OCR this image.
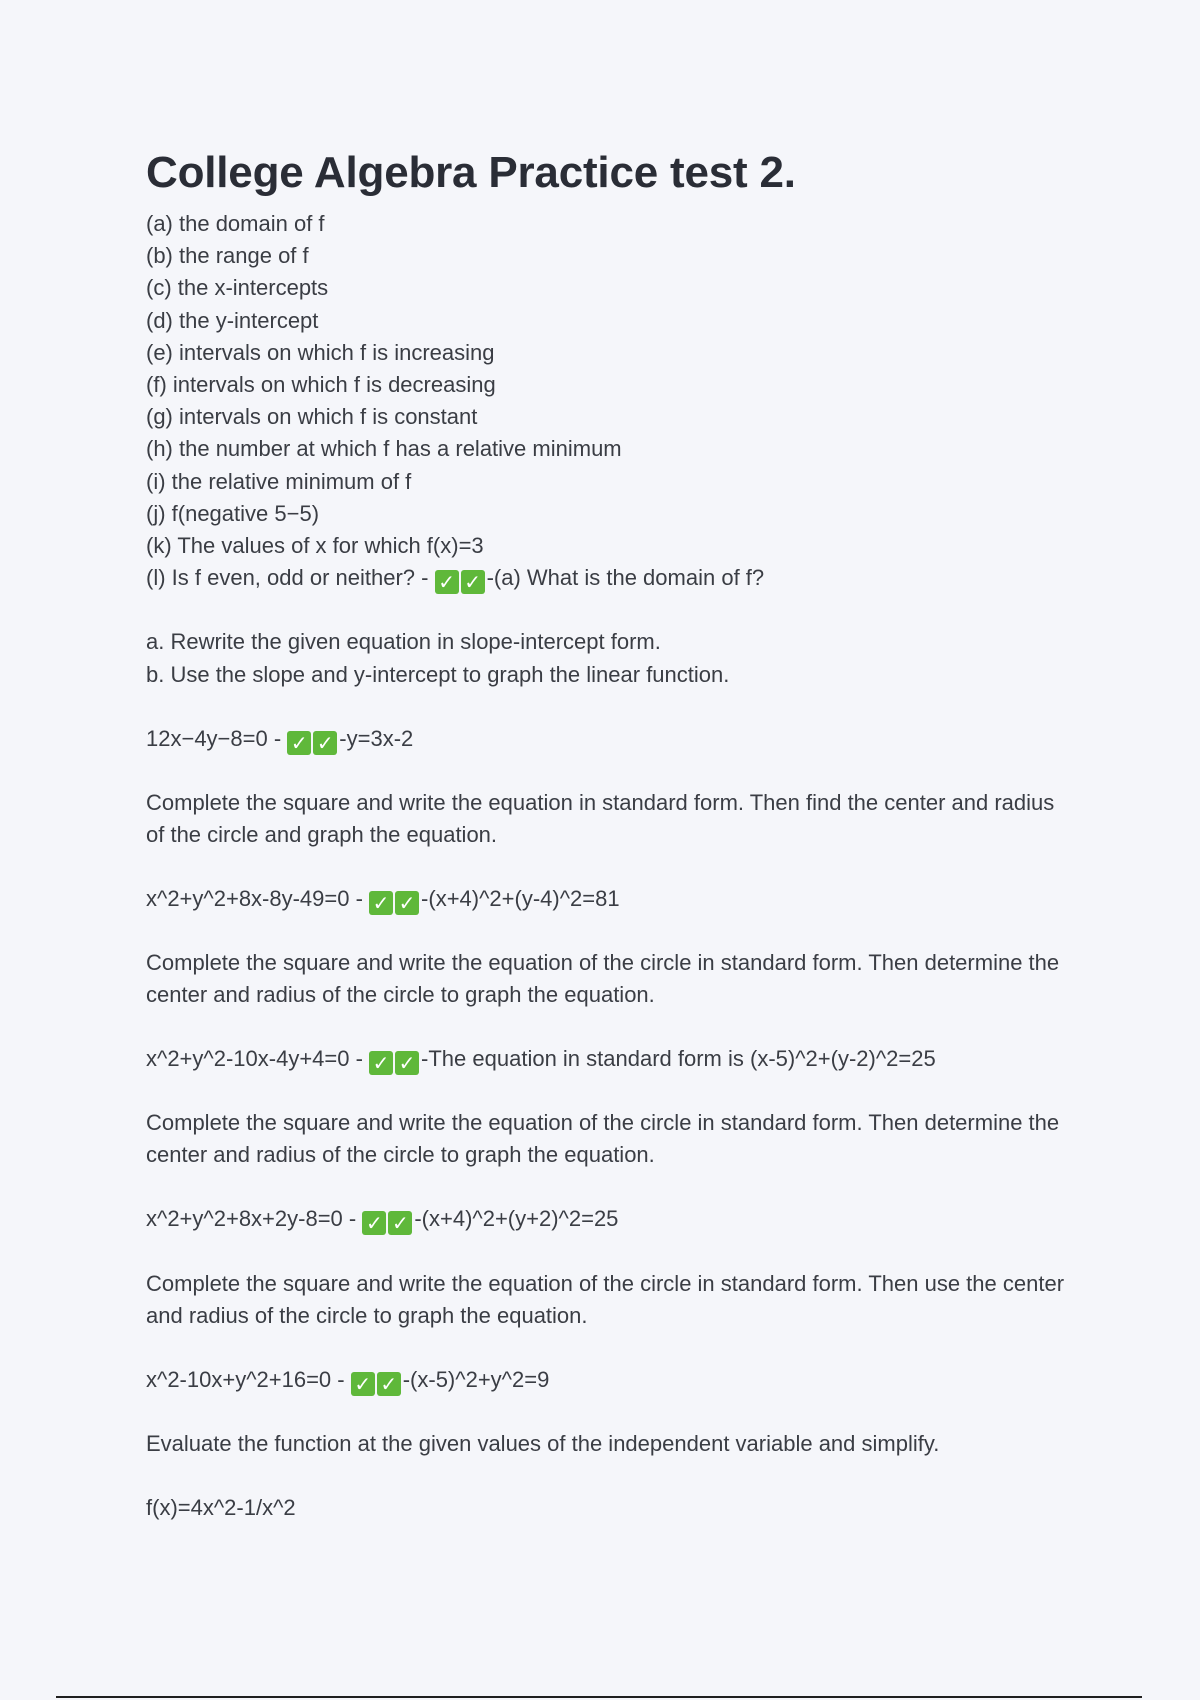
College Algebra Practice test 2.
(a) the domain of f
(b) the range of f
(c) the x-intercepts
(d) the y-intercept
(e) intervals on which f is increasing
(f) intervals on which f is decreasing
(g) intervals on which f is constant
(h) the number at which f has a relative minimum
(i) the relative minimum of f
(j) f(negative 5−5)
(k) The values of x for which f(x)=3
(l) Is f even, odd or neither? - ✓ ✓ -(a) What is the domain of f?
a. Rewrite the given equation in slope-intercept form.
b. Use the slope and y-intercept to graph the linear function.
12x−4y−8=0 - ✓ ✓ -y=3x-2
Complete the square and write the equation in standard form. Then find the center and radius of the circle and graph the equation.
x^2+y^2+8x-8y-49=0 - ✓ ✓ -(x+4)^2+(y-4)^2=81
Complete the square and write the equation of the circle in standard form. Then determine the center and radius of the circle to graph the equation.
x^2+y^2-10x-4y+4=0 - ✓ ✓ -The equation in standard form is (x-5)^2+(y-2)^2=25
Complete the square and write the equation of the circle in standard form. Then determine the center and radius of the circle to graph the equation.
x^2+y^2+8x+2y-8=0 - ✓ ✓ -(x+4)^2+(y+2)^2=25
Complete the square and write the equation of the circle in standard form. Then use the center and radius of the circle to graph the equation.
x^2-10x+y^2+16=0 - ✓ ✓ -(x-5)^2+y^2=9
Evaluate the function at the given values of the independent variable and simplify.
f(x)=4x^2-1/x^2
